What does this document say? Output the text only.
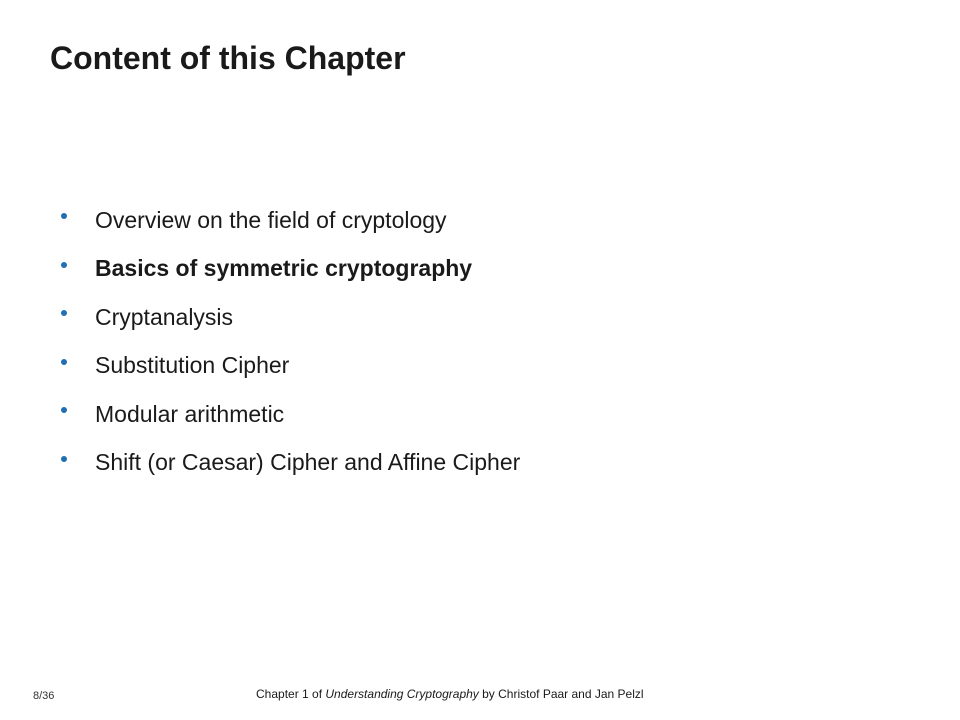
Content of this Chapter
Overview on the field of cryptology
Basics of symmetric cryptography
Cryptanalysis
Substitution Cipher
Modular arithmetic
Shift (or Caesar) Cipher and Affine Cipher
8/36	Chapter 1 of Understanding Cryptography by Christof Paar and Jan Pelzl
